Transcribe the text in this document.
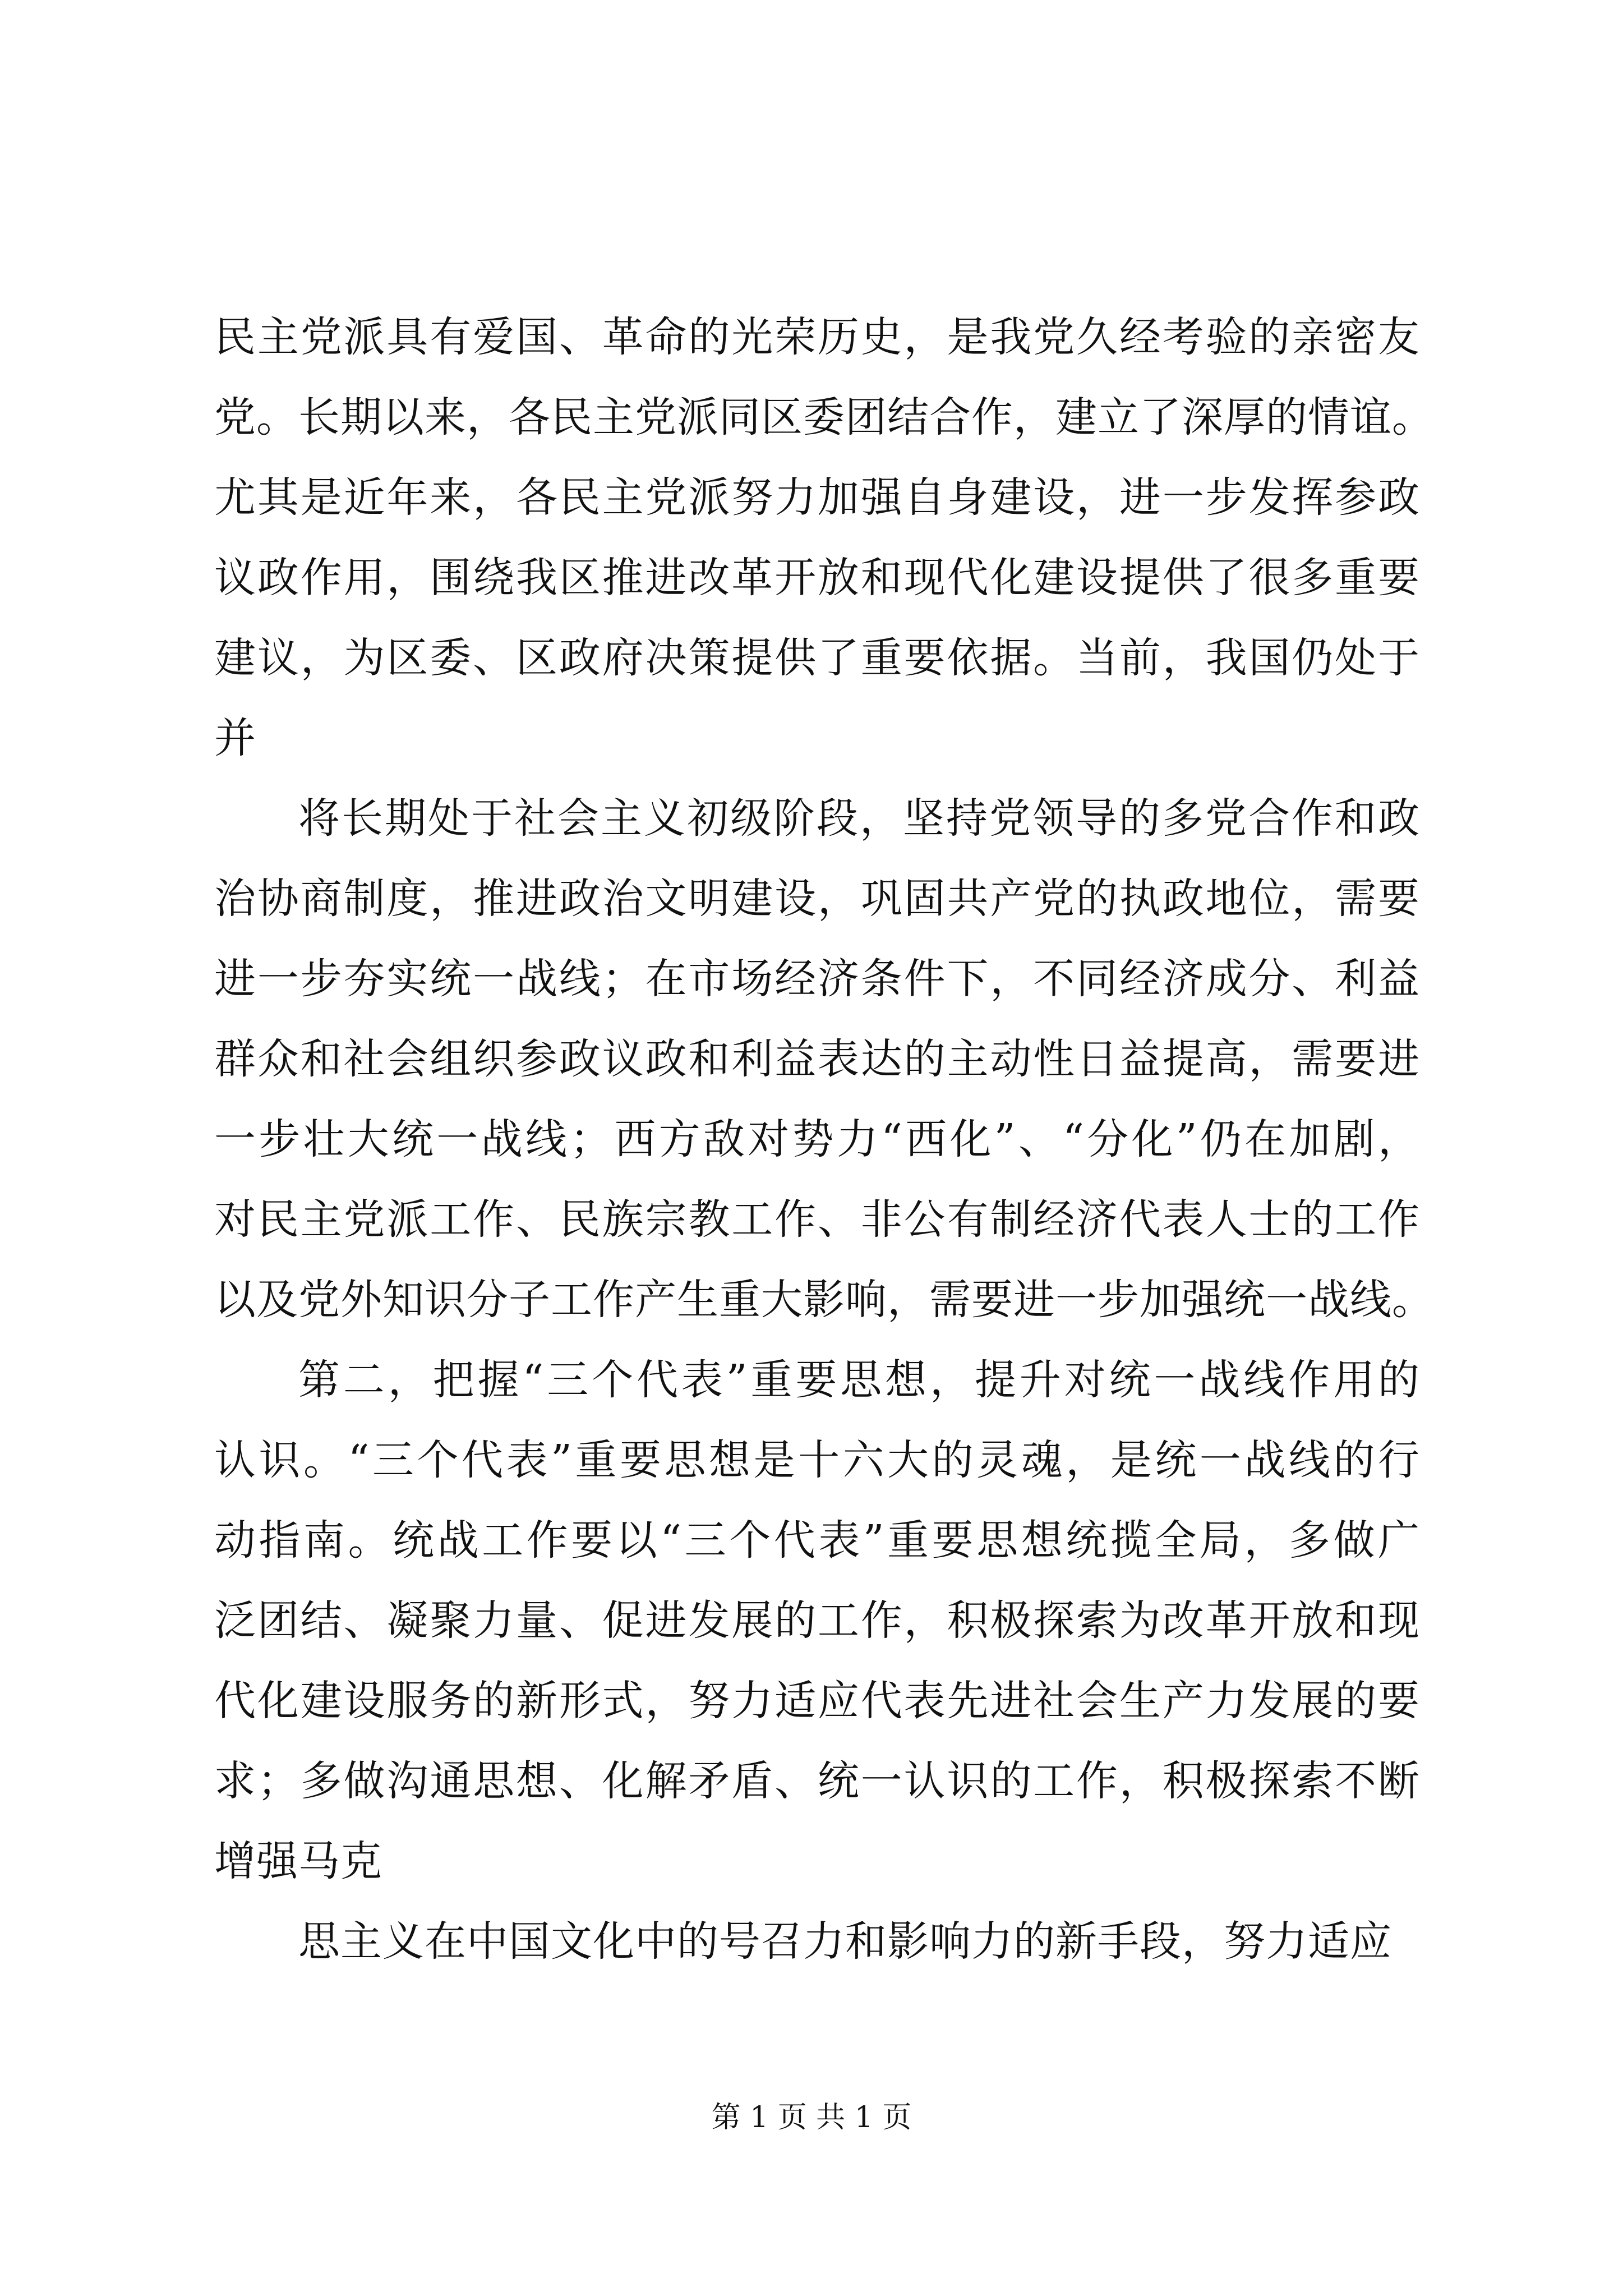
民主党派具有爱国、革命的光荣历史，是我党久经考验的亲密友
党。长期以来，各民主党派同区委团结合作，建立了深厚的情谊。
尤其是近年来，各民主党派努力加强自身建设，进一步发挥参政
议政作用，围绕我区推进改革开放和现代化建设提供了很多重要
建议，为区委、区政府决策提供了重要依据。当前，我国仍处于
并
将长期处于社会主义初级阶段，坚持党领导的多党合作和政
治协商制度，推进政治文明建设，巩固共产党的执政地位，需要
进一步夯实统一战线；在市场经济条件下，不同经济成分、利益
群众和社会组织参政议政和利益表达的主动性日益提高，需要进
一步壮大统一战线；西方敌对势力“西化”、“分化”仍在加剧，
对民主党派工作、民族宗教工作、非公有制经济代表人士的工作
以及党外知识分子工作产生重大影响，需要进一步加强统一战线。
第二，把握“三个代表”重要思想，提升对统一战线作用的
认识。“三个代表”重要思想是十六大的灵魂，是统一战线的行
动指南。统战工作要以“三个代表”重要思想统揽全局，多做广
泛团结、凝聚力量、促进发展的工作，积极探索为改革开放和现
代化建设服务的新形式，努力适应代表先进社会生产力发展的要
求；多做沟通思想、化解矛盾、统一认识的工作，积极探索不断
增强马克
思主义在中国文化中的号召力和影响力的新手段，努力适应
第 1 页 共 1 页
